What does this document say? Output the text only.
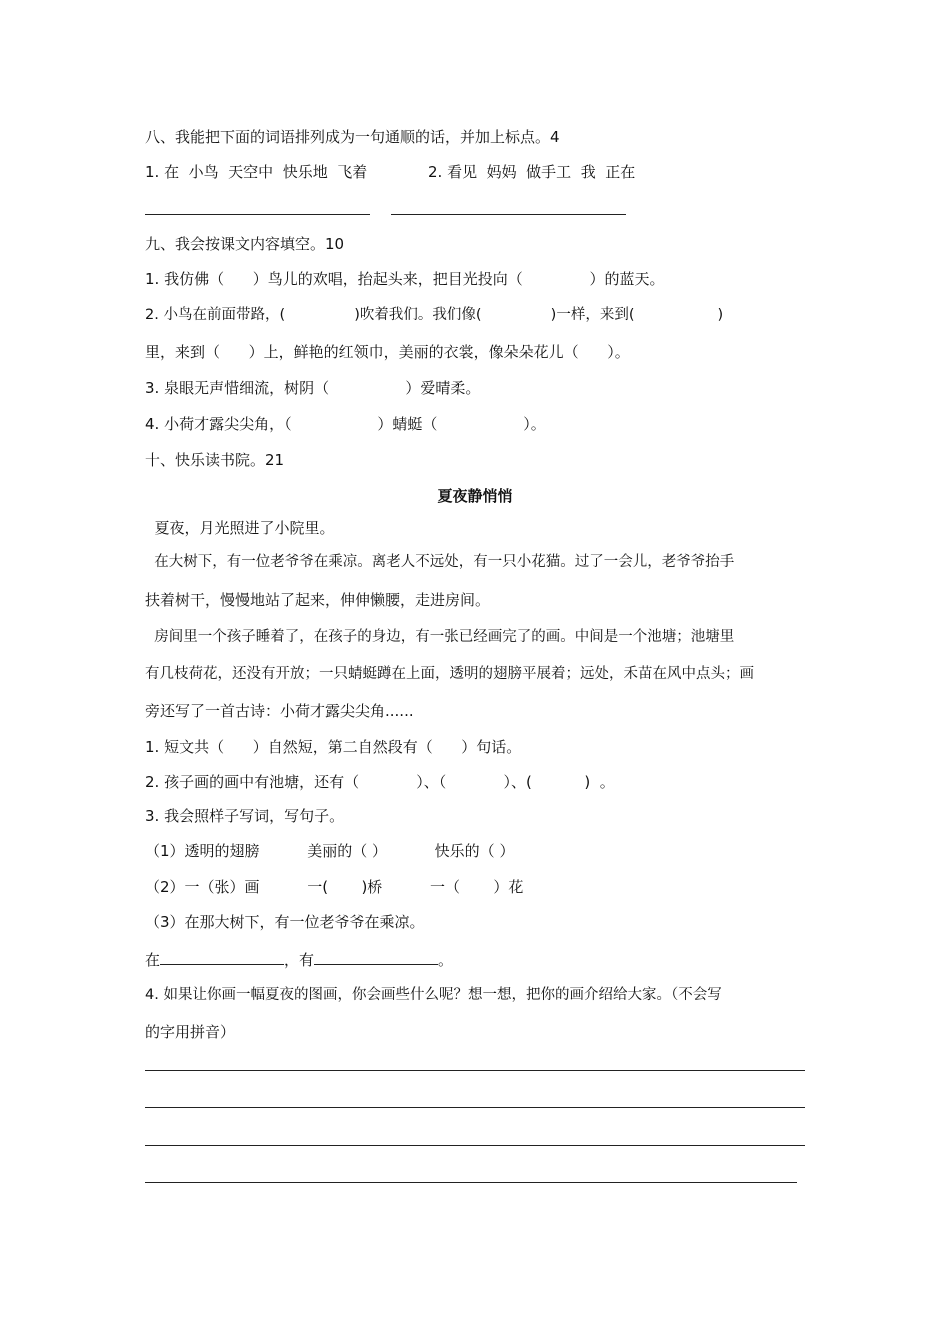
八、我能把下面的词语排列成为一句通顺的话，并加上标点。4
1. 在  小鸟  天空中  快乐地  飞着	2. 看见  妈妈  做手工  我  正在
九、我会按课文内容填空。10
1. 我仿佛（      ）鸟儿的欢唱，抬起头来，把目光投向（              ）的蓝天。
2. 小鸟在前面带路，(               )吹着我们。我们像(               )一样，来到(                  )
里，来到（      ）上，鲜艳的红领巾，美丽的衣裳，像朵朵花儿（      ）。
3. 泉眼无声惜细流，树阴（                ）爱晴柔。
4. 小荷才露尖尖角，（                  ）蜻蜓（                  ）。
十、快乐读书院。21
夏夜静悄悄
夏夜，月光照进了小院里。
在大树下，有一位老爷爷在乘凉。离老人不远处，有一只小花猫。过了一会儿，老爷爷抬手
扶着树干，慢慢地站了起来，伸伸懒腰，走进房间。
房间里一个孩子睡着了，在孩子的身边，有一张已经画完了的画。中间是一个池塘；池塘里
有几枝荷花，还没有开放；一只蜻蜓蹲在上面，透明的翅膀平展着；远处，禾苗在风中点头；画
旁还写了一首古诗：小荷才露尖尖角......
1. 短文共（      ）自然短，第二自然段有（      ）句话。
2. 孩子画的画中有池塘，还有（            ）、（            ）、(           )  。
3. 我会照样子写词，写句子。
（1）透明的翅膀          美丽的（ ）          快乐的（ ）
（2）一（张）画          一(       )桥          一（       ）花
（3）在那大树下，有一位老爷爷在乘凉。
在	，有	。
4. 如果让你画一幅夏夜的图画，你会画些什么呢？想一想，把你的画介绍给大家。（不会写
的字用拼音）
